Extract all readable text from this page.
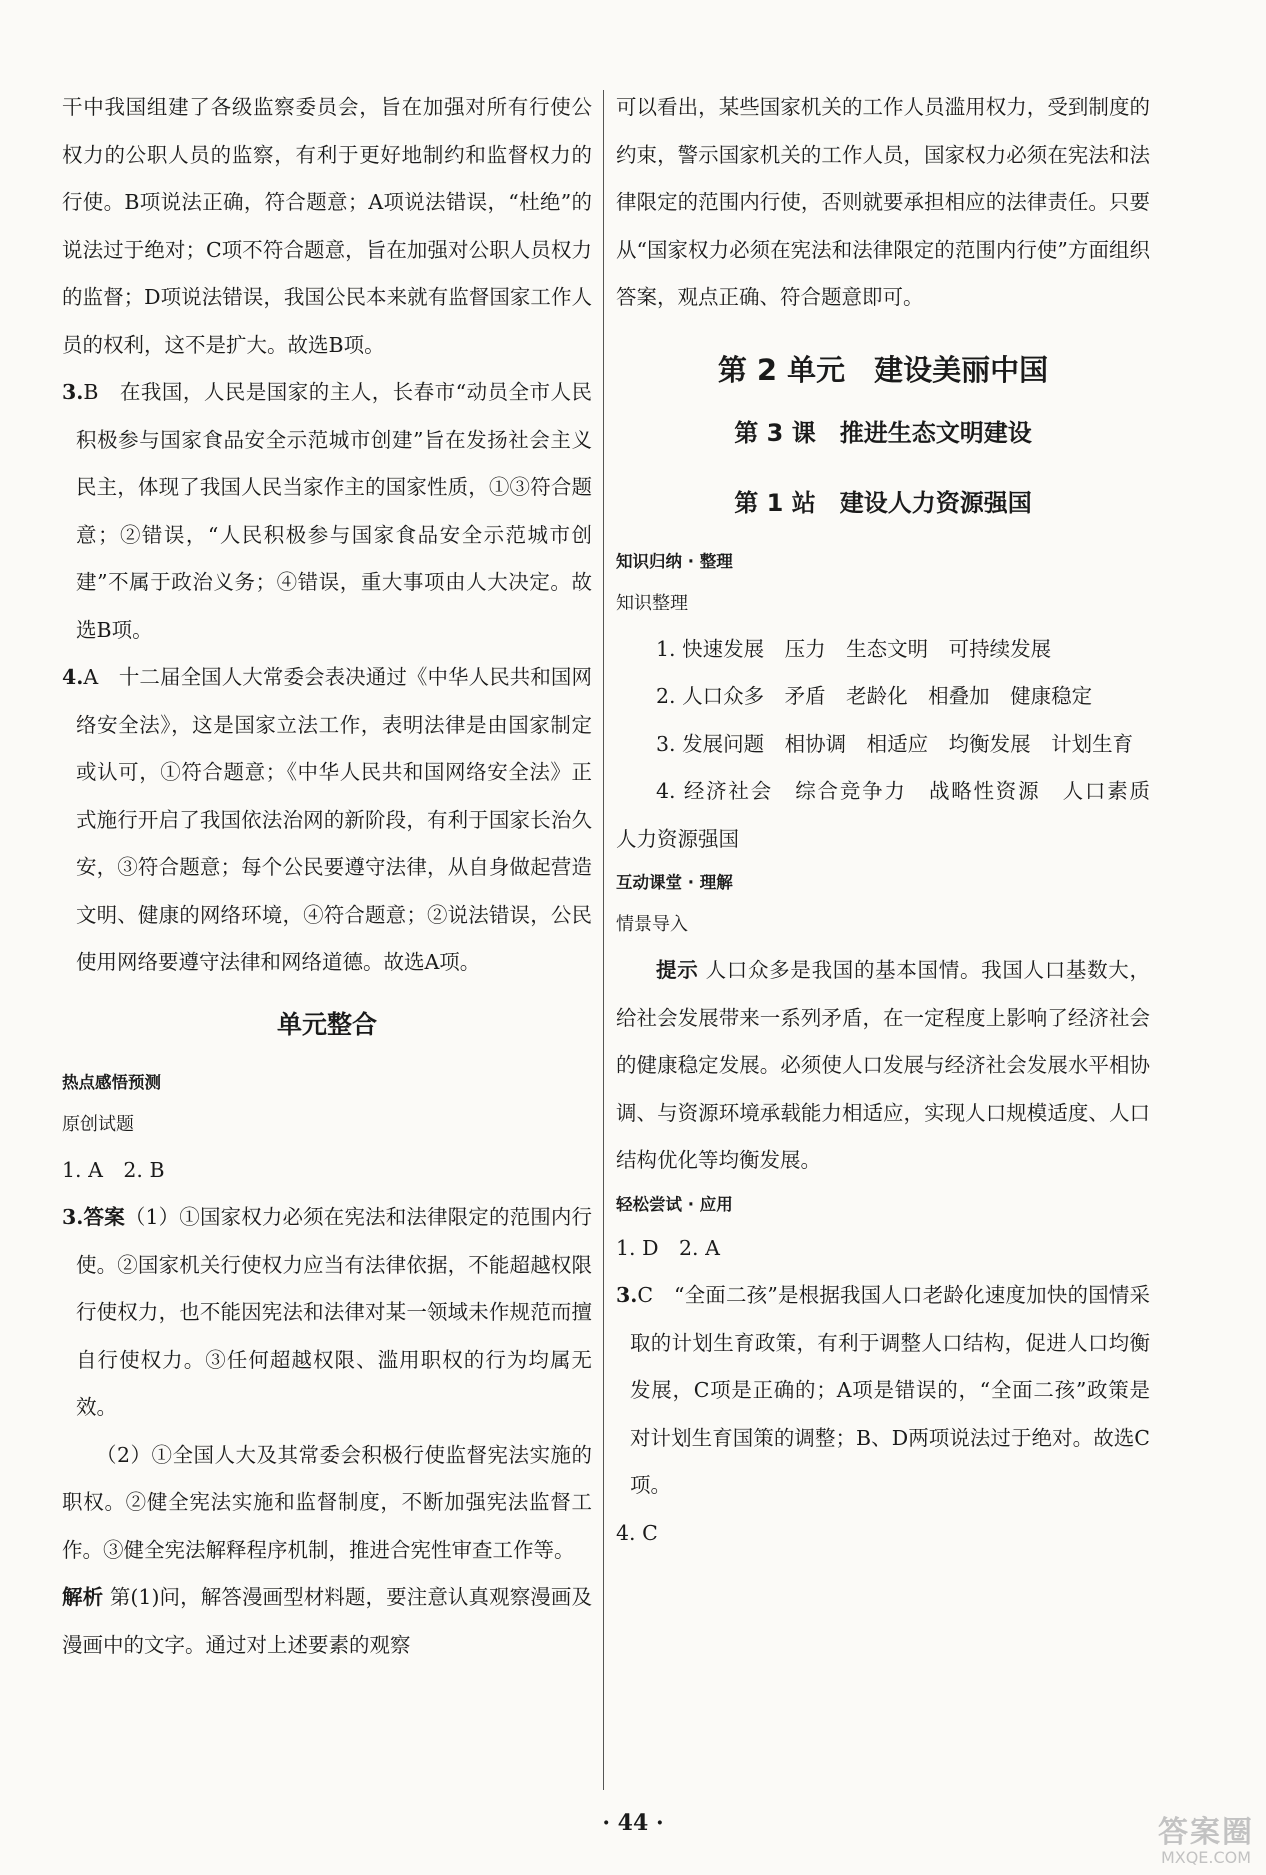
干中我国组建了各级监察委员会，旨在加强对所有行使公权力的公职人员的监察，有利于更好地制约和监督权力的行使。B项说法正确，符合题意；A项说法错误，“杜绝”的说法过于绝对；C项不符合题意，旨在加强对公职人员权力的监督；D项说法错误，我国公民本来就有监督国家工作人员的权利，这不是扩大。故选B项。

3.B　在我国，人民是国家的主人，长春市“动员全市人民积极参与国家食品安全示范城市创建”旨在发扬社会主义民主，体现了我国人民当家作主的国家性质，①③符合题意；②错误，“人民积极参与国家食品安全示范城市创建”不属于政治义务；④错误，重大事项由人大决定。故选B项。

4.A　十二届全国人大常委会表决通过《中华人民共和国网络安全法》，这是国家立法工作，表明法律是由国家制定或认可，①符合题意；《中华人民共和国网络安全法》正式施行开启了我国依法治网的新阶段，有利于国家长治久安，③符合题意；每个公民要遵守法律，从自身做起营造文明、健康的网络环境，④符合题意；②说法错误，公民使用网络要遵守法律和网络道德。故选A项。

单元整合
热点感悟预测
原创试题

1. A　2. B

3.答案（1）①国家权力必须在宪法和法律限定的范围内行使。②国家机关行使权力应当有法律依据，不能超越权限行使权力，也不能因宪法和法律对某一领域未作规范而擅自行使权力。③任何超越权限、滥用职权的行为均属无效。

（2）①全国人大及其常委会积极行使监督宪法实施的职权。②健全宪法实施和监督制度，不断加强宪法监督工作。③健全宪法解释程序机制，推进合宪性审查工作等。

解析 第(1)问，解答漫画型材料题，要注意认真观察漫画及漫画中的文字。通过对上述要素的观察

可以看出，某些国家机关的工作人员滥用权力，受到制度的约束，警示国家机关的工作人员，国家权力必须在宪法和法律限定的范围内行使，否则就要承担相应的法律责任。只要从“国家权力必须在宪法和法律限定的范围内行使”方面组织答案，观点正确、符合题意即可。

第 2 单元　建设美丽中国
第 3 课　推进生态文明建设
第 1 站　建设人力资源强国
知识归纳 · 整理
知识整理

1. 快速发展　压力　生态文明　可持续发展

2. 人口众多　矛盾　老龄化　相叠加　健康稳定

3. 发展问题　相协调　相适应　均衡发展　计划生育

4. 经济社会　综合竞争力　战略性资源　人口素质　人力资源强国

互动课堂 · 理解
情景导入

提示 人口众多是我国的基本国情。我国人口基数大，给社会发展带来一系列矛盾，在一定程度上影响了经济社会的健康稳定发展。必须使人口发展与经济社会发展水平相协调、与资源环境承载能力相适应，实现人口规模适度、人口结构优化等均衡发展。

轻松尝试 · 应用

1. D　2. A

3.C　“全面二孩”是根据我国人口老龄化速度加快的国情采取的计划生育政策，有利于调整人口结构，促进人口均衡发展，C项是正确的；A项是错误的，“全面二孩”政策是对计划生育国策的调整；B、D两项说法过于绝对。故选C项。

4. C

· 44 ·	答案圈
MXQE.COM
